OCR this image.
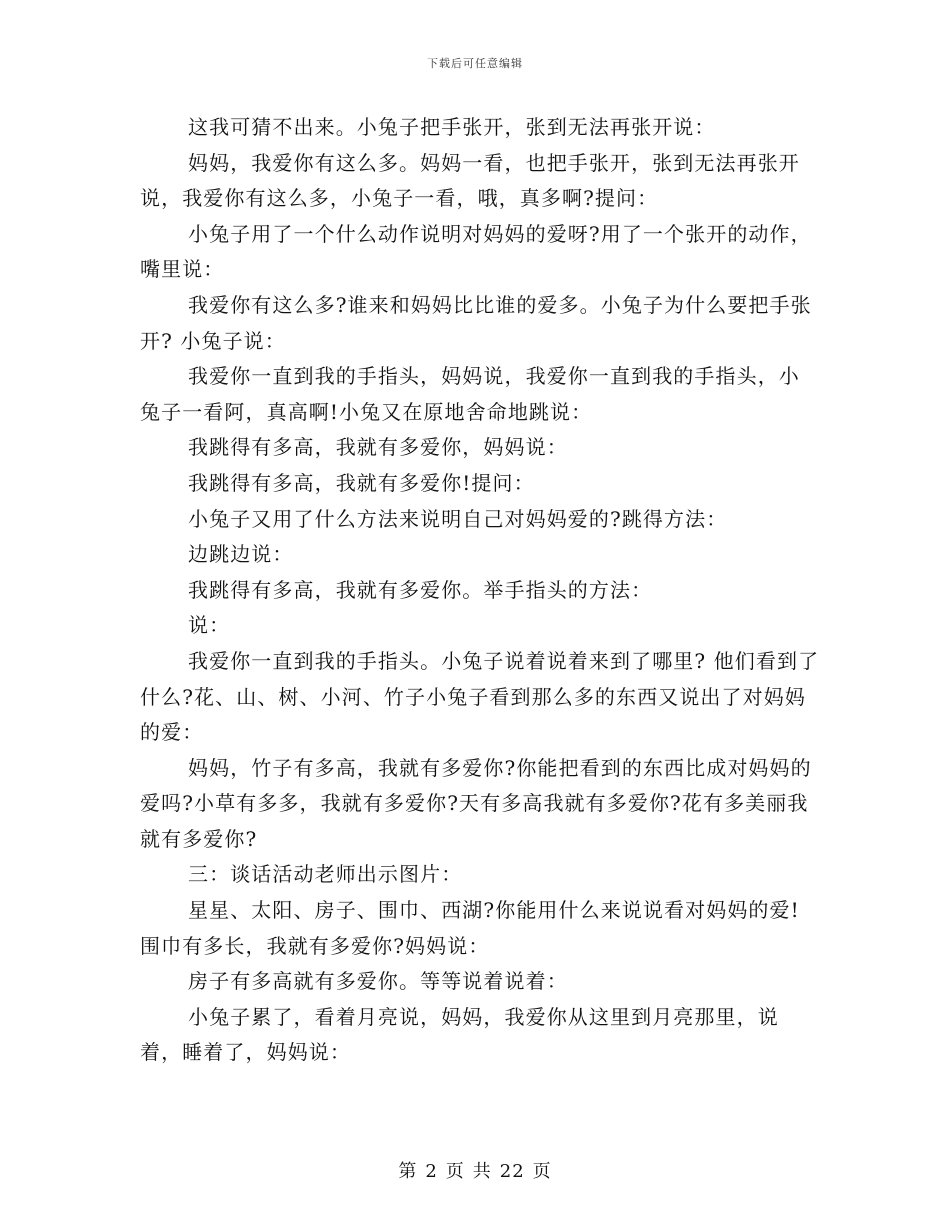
下载后可任意编辑

这我可猜不出来。小兔子把手张开，张到无法再张开说：

妈妈，我爱你有这么多。妈妈一看，也把手张开，张到无法再张开说，我爱你有这么多，小兔子一看，哦，真多啊?提问：

小兔子用了一个什么动作说明对妈妈的爱呀?用了一个张开的动作，嘴里说：

我爱你有这么多?谁来和妈妈比比谁的爱多。小兔子为什么要把手张开? 小兔子说：

我爱你一直到我的手指头，妈妈说，我爱你一直到我的手指头，小兔子一看阿，真高啊!小兔又在原地舍命地跳说：

我跳得有多高，我就有多爱你，妈妈说：

我跳得有多高，我就有多爱你!提问：

小兔子又用了什么方法来说明自己对妈妈爱的?跳得方法：

边跳边说：

我跳得有多高，我就有多爱你。举手指头的方法：

说：

我爱你一直到我的手指头。小兔子说着说着来到了哪里? 他们看到了什么?花、山、树、小河、竹子小兔子看到那么多的东西又说出了对妈妈的爱：

妈妈，竹子有多高，我就有多爱你?你能把看到的东西比成对妈妈的爱吗?小草有多多，我就有多爱你?天有多高我就有多爱你?花有多美丽我就有多爱你?

三：谈话活动老师出示图片：

星星、太阳、房子、围巾、西湖?你能用什么来说说看对妈妈的爱!围巾有多长，我就有多爱你?妈妈说：

房子有多高就有多爱你。等等说着说着：

小兔子累了，看着月亮说，妈妈，我爱你从这里到月亮那里，说着，睡着了，妈妈说：

第 2 页 共 22 页
